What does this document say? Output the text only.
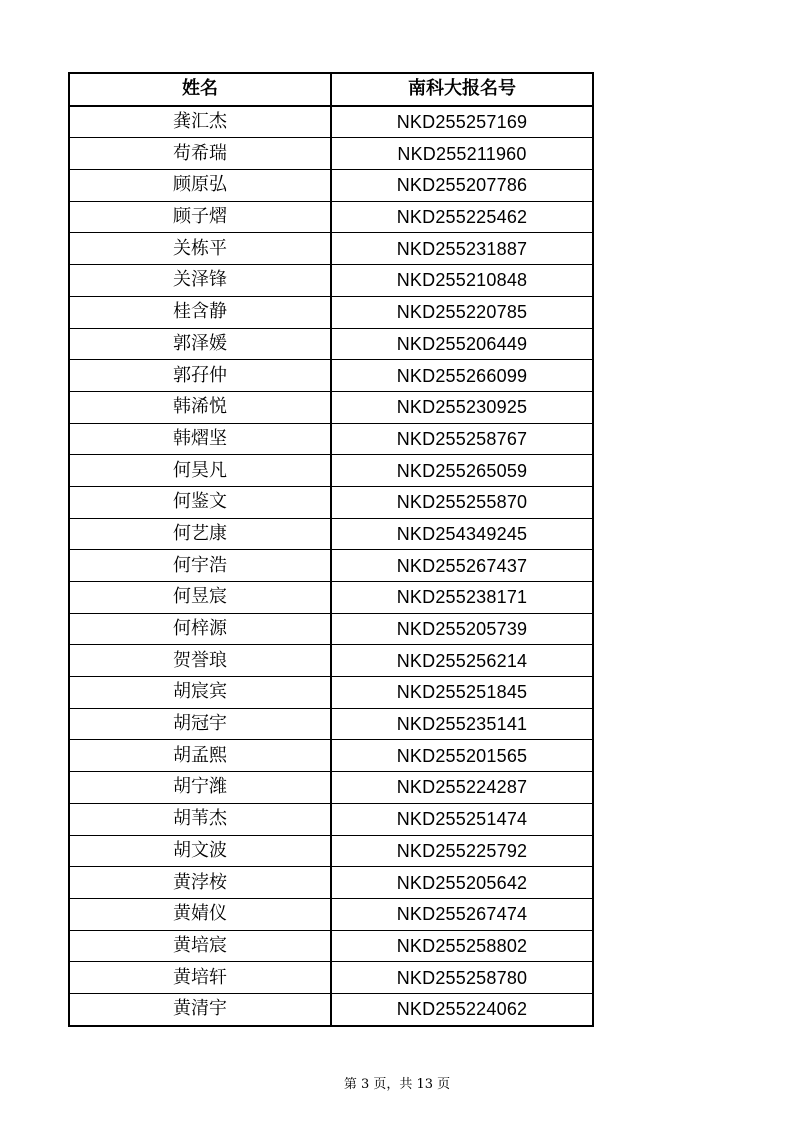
姓名	南科大报名号
龚汇杰	NKD255257169
苟希瑞	NKD255211960
顾原弘	NKD255207786
顾子熠	NKD255225462
关栋平	NKD255231887
关泽锋	NKD255210848
桂含静	NKD255220785
郭泽媛	NKD255206449
郭孖仲	NKD255266099
韩浠悦	NKD255230925
韩熠坚	NKD255258767
何昊凡	NKD255265059
何鉴文	NKD255255870
何艺康	NKD254349245
何宇浩	NKD255267437
何昱宸	NKD255238171
何梓源	NKD255205739
贺誉琅	NKD255256214
胡宸宾	NKD255251845
胡冠宇	NKD255235141
胡孟熙	NKD255201565
胡宁潍	NKD255224287
胡苇杰	NKD255251474
胡文波	NKD255225792
黄浡桉	NKD255205642
黄婧仪	NKD255267474
黄培宸	NKD255258802
黄培轩	NKD255258780
黄清宇	NKD255224062
第 3 页，共 13 页
